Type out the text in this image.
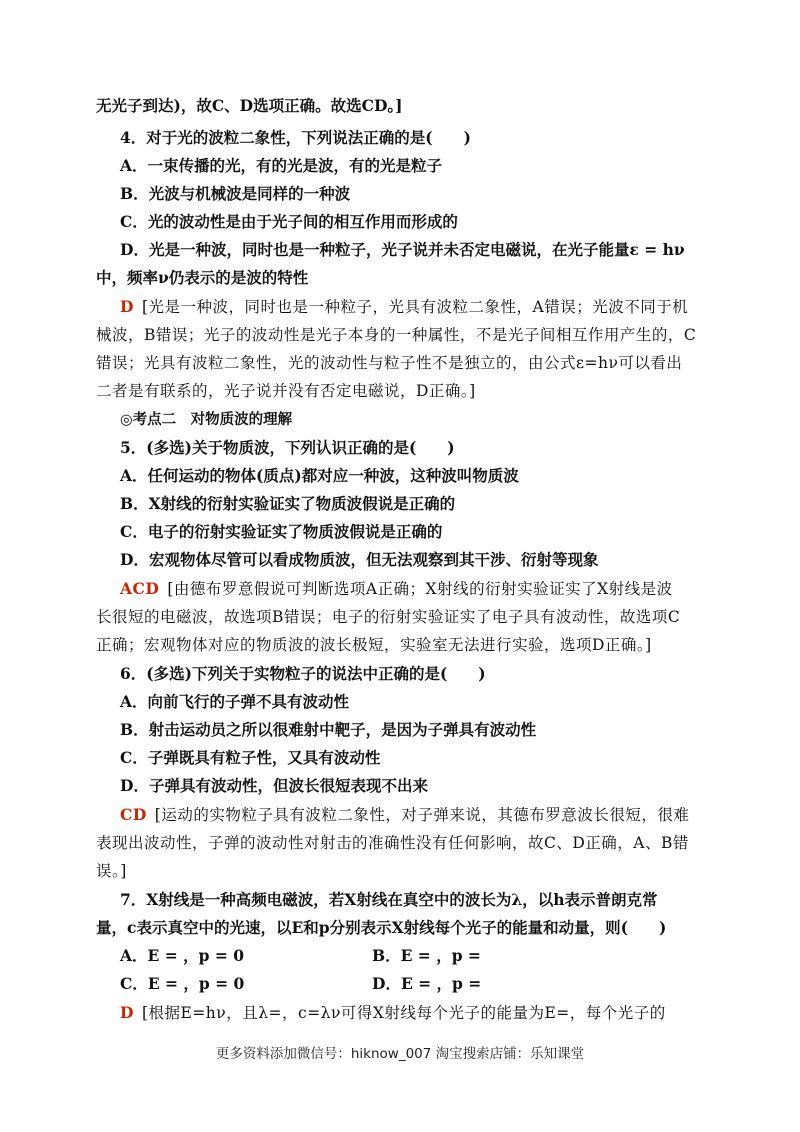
无光子到达)，故C、D选项正确。故选CD。]
4．对于光的波粒二象性，下列说法正确的是(　　)
A．一束传播的光，有的光是波，有的光是粒子
B．光波与机械波是同样的一种波
C．光的波动性是由于光子间的相互作用而形成的
D．光是一种波，同时也是一种粒子，光子说并未否定电磁说，在光子能量ε = hν
中，频率ν仍表示的是波的特性
D [光是一种波，同时也是一种粒子，光具有波粒二象性，A错误；光波不同于机
械波，B错误；光子的波动性是光子本身的一种属性，不是光子间相互作用产生的，C
错误；光具有波粒二象性，光的波动性与粒子性不是独立的，由公式ε=hν可以看出
二者是有联系的，光子说并没有否定电磁说，D正确。]
◎考点二　对物质波的理解
5．(多选)关于物质波，下列认识正确的是(　　)
A．任何运动的物体(质点)都对应一种波，这种波叫物质波
B．X射线的衍射实验证实了物质波假说是正确的
C．电子的衍射实验证实了物质波假说是正确的
D．宏观物体尽管可以看成物质波，但无法观察到其干涉、衍射等现象
ACD [由德布罗意假说可判断选项A正确；X射线的衍射实验证实了X射线是波
长很短的电磁波，故选项B错误；电子的衍射实验证实了电子具有波动性，故选项C
正确；宏观物体对应的物质波的波长极短，实验室无法进行实验，选项D正确。]
6．(多选)下列关于实物粒子的说法中正确的是(　　)
A．向前飞行的子弹不具有波动性
B．射击运动员之所以很难射中靶子，是因为子弹具有波动性
C．子弹既具有粒子性，又具有波动性
D．子弹具有波动性，但波长很短表现不出来
CD [运动的实物粒子具有波粒二象性，对子弹来说，其德布罗意波长很短，很难
表现出波动性，子弹的波动性对射击的准确性没有任何影响，故C、D正确，A、B错
误。]
7．X射线是一种高频电磁波，若X射线在真空中的波长为λ，以h表示普朗克常
量，c表示真空中的光速，以E和p分别表示X射线每个光子的能量和动量，则(　　)
A．E = ，p = 0	B．E = ，p =
C．E = ，p = 0	D．E = ，p =
D [根据E=hν，且λ=，c=λν可得X射线每个光子的能量为E=，每个光子的
更多资料添加微信号：hiknow_007 淘宝搜索店铺：乐知课堂
